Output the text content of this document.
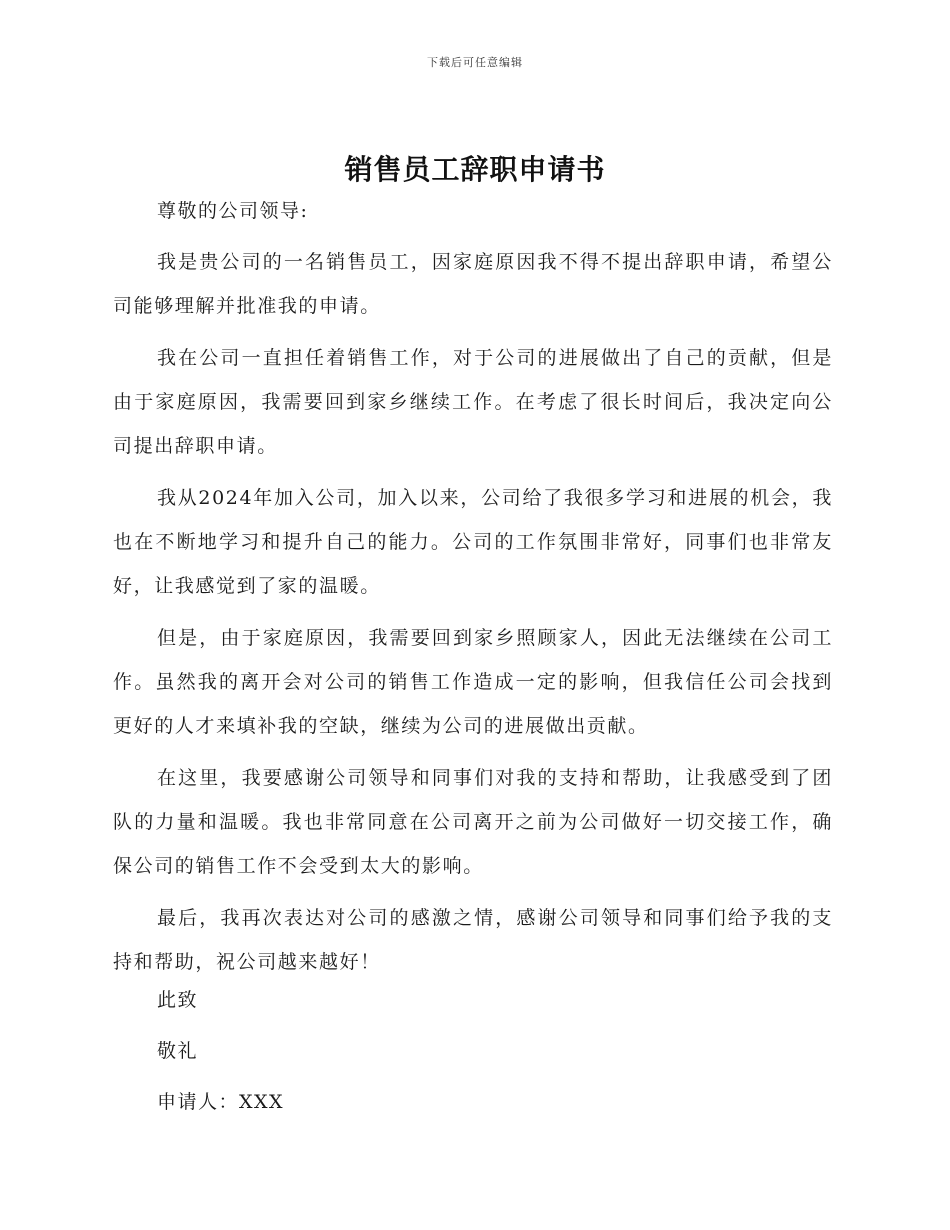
下载后可任意编辑
销售员工辞职申请书
尊敬的公司领导:

我是贵公司的一名销售员工，因家庭原因我不得不提出辞职申请，希望公司能够理解并批准我的申请。

我在公司一直担任着销售工作，对于公司的进展做出了自己的贡献，但是由于家庭原因，我需要回到家乡继续工作。在考虑了很长时间后，我决定向公司提出辞职申请。

我从2024年加入公司，加入以来，公司给了我很多学习和进展的机会，我也在不断地学习和提升自己的能力。公司的工作氛围非常好，同事们也非常友好，让我感觉到了家的温暖。

但是，由于家庭原因，我需要回到家乡照顾家人，因此无法继续在公司工作。虽然我的离开会对公司的销售工作造成一定的影响，但我信任公司会找到更好的人才来填补我的空缺，继续为公司的进展做出贡献。

在这里，我要感谢公司领导和同事们对我的支持和帮助，让我感受到了团队的力量和温暖。我也非常同意在公司离开之前为公司做好一切交接工作，确保公司的销售工作不会受到太大的影响。

最后，我再次表达对公司的感激之情，感谢公司领导和同事们给予我的支持和帮助，祝公司越来越好！

此致
敬礼
申请人：XXX
